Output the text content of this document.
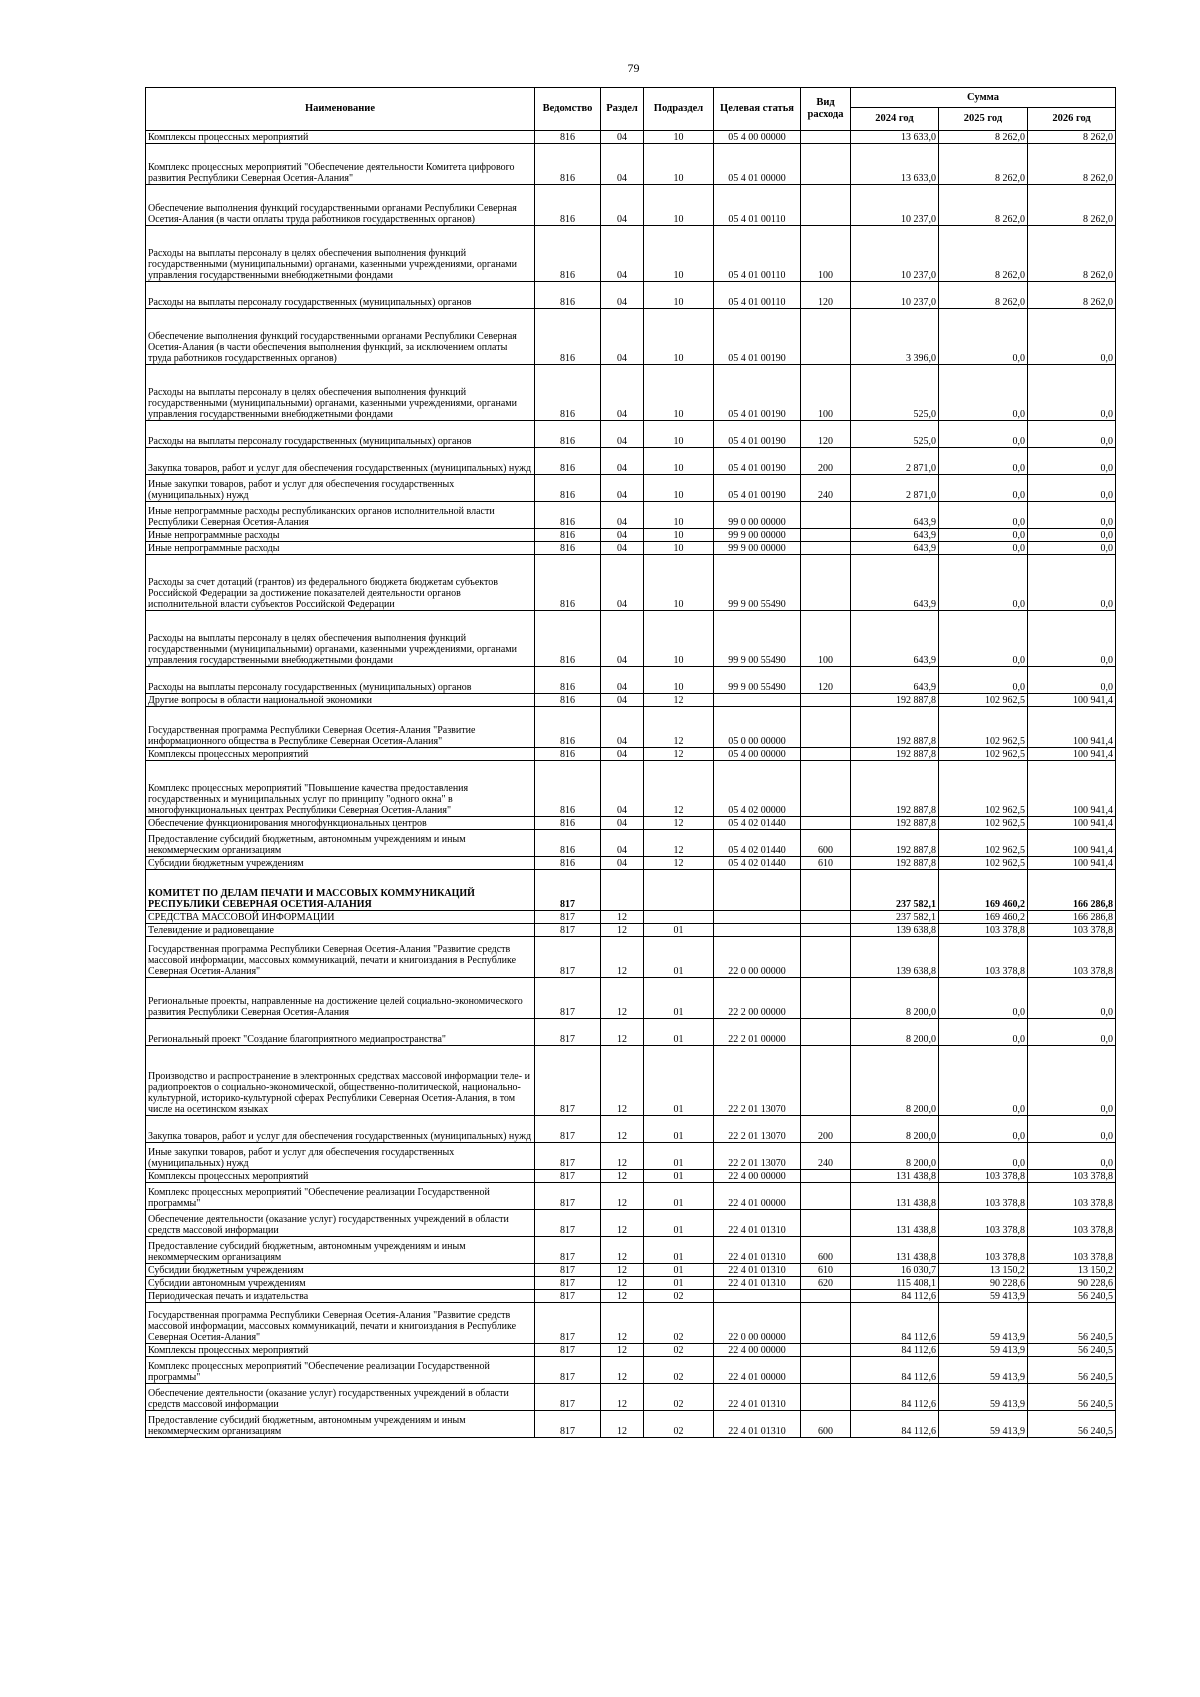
79
Наименование	Ведомство	Раздел	Подраздел	Целевая статья	Вид расхода	Сумма		
						2024 год	2025 год	2026 год
Комплексы процессных мероприятий	816	04	10	05 4 00 00000		13 633,0	8 262,0	8 262,0
Комплекс процессных мероприятий "Обеспечение деятельности Комитета цифрового развития Республики Северная Осетия-Алания"	816	04	10	05 4 01 00000		13 633,0	8 262,0	8 262,0
Обеспечение выполнения функций государственными органами Республики Северная Осетия-Алания (в части оплаты труда работников государственных органов)	816	04	10	05 4 01 00110		10 237,0	8 262,0	8 262,0
Расходы на выплаты персоналу в целях обеспечения выполнения функций государственными (муниципальными) органами, казенными учреждениями, органами управления государственными внебюджетными фондами	816	04	10	05 4 01 00110	100	10 237,0	8 262,0	8 262,0
Расходы на выплаты персоналу государственных (муниципальных) органов	816	04	10	05 4 01 00110	120	10 237,0	8 262,0	8 262,0
Обеспечение выполнения функций государственными органами Республики Северная Осетия-Алания (в части обеспечения выполнения функций, за исключением оплаты труда работников государственных органов)	816	04	10	05 4 01 00190		3 396,0	0,0	0,0
Расходы на выплаты персоналу в целях обеспечения выполнения функций государственными (муниципальными) органами, казенными учреждениями, органами управления государственными внебюджетными фондами	816	04	10	05 4 01 00190	100	525,0	0,0	0,0
Расходы на выплаты персоналу государственных (муниципальных) органов	816	04	10	05 4 01 00190	120	525,0	0,0	0,0
Закупка товаров, работ и услуг для обеспечения государственных (муниципальных) нужд	816	04	10	05 4 01 00190	200	2 871,0	0,0	0,0
Иные закупки товаров, работ и услуг для обеспечения государственных (муниципальных) нужд	816	04	10	05 4 01 00190	240	2 871,0	0,0	0,0
Иные непрограммные расходы республиканских органов исполнительной власти Республики Северная Осетия-Алания	816	04	10	99 0 00 00000		643,9	0,0	0,0
Иные непрограммные расходы	816	04	10	99 9 00 00000		643,9	0,0	0,0
Иные непрограммные расходы	816	04	10	99 9 00 00000		643,9	0,0	0,0
Расходы за счет дотаций (грантов) из федерального бюджета бюджетам субъектов Российской Федерации за достижение показателей деятельности органов исполнительной власти субъектов Российской Федерации	816	04	10	99 9 00 55490		643,9	0,0	0,0
Расходы на выплаты персоналу в целях обеспечения выполнения функций государственными (муниципальными) органами, казенными учреждениями, органами управления государственными внебюджетными фондами	816	04	10	99 9 00 55490	100	643,9	0,0	0,0
Расходы на выплаты персоналу государственных (муниципальных) органов	816	04	10	99 9 00 55490	120	643,9	0,0	0,0
Другие вопросы в области национальной экономики	816	04	12			192 887,8	102 962,5	100 941,4
Государственная программа Республики Северная Осетия-Алания "Развитие информационного общества в Республике Северная Осетия-Алания"	816	04	12	05 0 00 00000		192 887,8	102 962,5	100 941,4
Комплексы процессных мероприятий	816	04	12	05 4 00 00000		192 887,8	102 962,5	100 941,4
Комплекс процессных мероприятий "Повышение качества предоставления государственных и муниципальных услуг по принципу "одного окна" в многофункциональных центрах Республики Северная Осетия-Алания"	816	04	12	05 4 02 00000		192 887,8	102 962,5	100 941,4
Обеспечение функционирования многофункциональных центров	816	04	12	05 4 02 01440		192 887,8	102 962,5	100 941,4
Предоставление субсидий бюджетным, автономным учреждениям и иным некоммерческим организациям	816	04	12	05 4 02 01440	600	192 887,8	102 962,5	100 941,4
Субсидии бюджетным учреждениям	816	04	12	05 4 02 01440	610	192 887,8	102 962,5	100 941,4
КОМИТЕТ ПО ДЕЛАМ ПЕЧАТИ И МАССОВЫХ КОММУНИКАЦИЙ РЕСПУБЛИКИ СЕВЕРНАЯ ОСЕТИЯ-АЛАНИЯ	817					237 582,1	169 460,2	166 286,8
СРЕДСТВА МАССОВОЙ ИНФОРМАЦИИ	817	12				237 582,1	169 460,2	166 286,8
Телевидение и радиовещание	817	12	01			139 638,8	103 378,8	103 378,8
Государственная программа Республики Северная Осетия-Алания "Развитие средств массовой информации, массовых коммуникаций, печати и книгоиздания в Республике Северная Осетия-Алания"	817	12	01	22 0 00 00000		139 638,8	103 378,8	103 378,8
Региональные проекты, направленные на достижение целей социально-экономического развития Республики Северная Осетия-Алания	817	12	01	22 2 00 00000		8 200,0	0,0	0,0
Региональный проект "Создание благоприятного медиапространства"	817	12	01	22 2 01 00000		8 200,0	0,0	0,0
Производство и распространение в электронных средствах массовой информации теле- и радиопроектов о социально-экономической, общественно-политической, национально-культурной, историко-культурной сферах Республики Северная Осетия-Алания, в том числе на осетинском языках	817	12	01	22 2 01 13070		8 200,0	0,0	0,0
Закупка товаров, работ и услуг для обеспечения государственных (муниципальных) нужд	817	12	01	22 2 01 13070	200	8 200,0	0,0	0,0
Иные закупки товаров, работ и услуг для обеспечения государственных (муниципальных) нужд	817	12	01	22 2 01 13070	240	8 200,0	0,0	0,0
Комплексы процессных мероприятий	817	12	01	22 4 00 00000		131 438,8	103 378,8	103 378,8
Комплекс процессных мероприятий "Обеспечение реализации Государственной программы"	817	12	01	22 4 01 00000		131 438,8	103 378,8	103 378,8
Обеспечение деятельности (оказание услуг) государственных учреждений в области средств массовой информации	817	12	01	22 4 01 01310		131 438,8	103 378,8	103 378,8
Предоставление субсидий бюджетным, автономным учреждениям и иным некоммерческим организациям	817	12	01	22 4 01 01310	600	131 438,8	103 378,8	103 378,8
Субсидии бюджетным учреждениям	817	12	01	22 4 01 01310	610	16 030,7	13 150,2	13 150,2
Субсидии автономным учреждениям	817	12	01	22 4 01 01310	620	115 408,1	90 228,6	90 228,6
Периодическая печать и издательства	817	12	02			84 112,6	59 413,9	56 240,5
Государственная программа Республики Северная Осетия-Алания "Развитие средств массовой информации, массовых коммуникаций, печати и книгоиздания в Республике Северная Осетия-Алания"	817	12	02	22 0 00 00000		84 112,6	59 413,9	56 240,5
Комплексы процессных мероприятий	817	12	02	22 4 00 00000		84 112,6	59 413,9	56 240,5
Комплекс процессных мероприятий "Обеспечение реализации Государственной программы"	817	12	02	22 4 01 00000		84 112,6	59 413,9	56 240,5
Обеспечение деятельности (оказание услуг) государственных учреждений в области средств массовой информации	817	12	02	22 4 01 01310		84 112,6	59 413,9	56 240,5
Предоставление субсидий бюджетным, автономным учреждениям и иным некоммерческим организациям	817	12	02	22 4 01 01310	600	84 112,6	59 413,9	56 240,5
